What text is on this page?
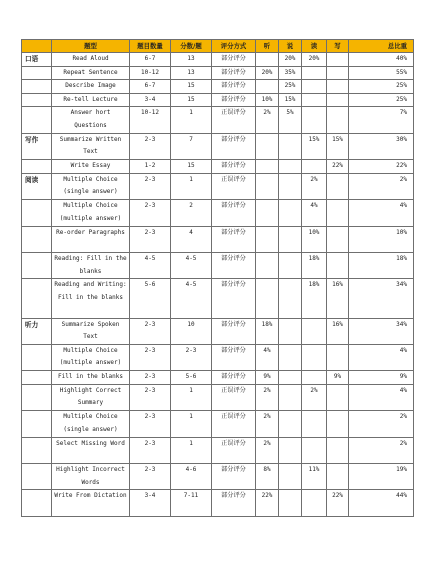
	题型	题目数量	分数/题	评分方式	听	说	读	写	总比重
口语	Read Aloud	6-7	13	部分评分		20%	20%		40%
	Repeat Sentence	10-12	13	部分评分	20%	35%			55%
	Describe Image	6-7	15	部分评分		25%			25%
	Re-tell Lecture	3-4	15	部分评分	10%	15%			25%
	Answer hort Questions	10-12	1	正误评分	2%	5%			7%
写作	Summarize Written Text	2-3	7	部分评分			15%	15%	30%
	Write Essay	1-2	15	部分评分				22%	22%
阅读	Multiple Choice (single answer)	2-3	1	正误评分			2%		2%
	Multiple Choice (multiple answer)	2-3	2	部分评分			4%		4%
	Re-order Paragraphs	2-3	4	部分评分			10%		10%
	Reading: Fill in the blanks	4-5	4-5	部分评分			18%		18%
	Reading and Writing: Fill in the blanks	5-6	4-5	部分评分			18%	16%	34%
听力	Summarize Spoken Text	2-3	10	部分评分	18%			16%	34%
	Multiple Choice (multiple answer)	2-3	2-3	部分评分	4%				4%
	Fill in the blanks	2-3	5-6	部分评分	9%			9%	9%
	Highlight Correct Summary	2-3	1	正误评分	2%		2%		4%
	Multiple Choice (single answer)	2-3	1	正误评分	2%				2%
	Select Missing Word	2-3	1	正误评分	2%				2%
	Highlight Incorrect Words	2-3	4-6	部分评分	8%		11%		19%
	Write From Dictation	3-4	7-11	部分评分	22%			22%	44%
